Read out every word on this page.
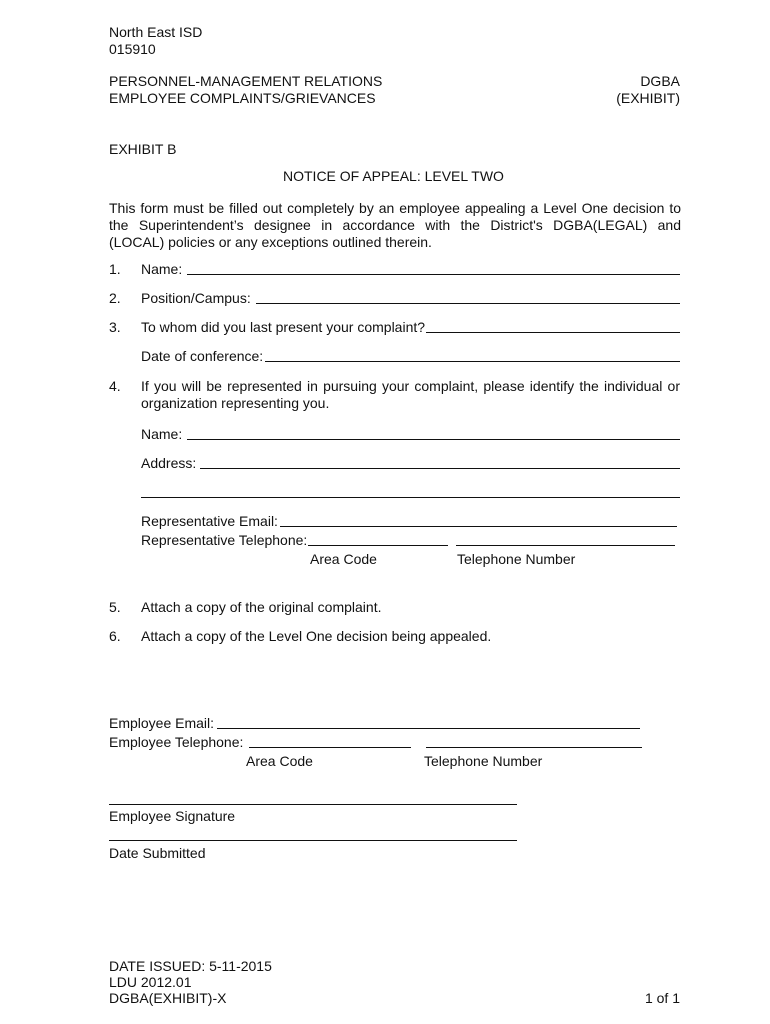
North East ISD
015910
PERSONNEL-MANAGEMENT RELATIONS
EMPLOYEE COMPLAINTS/GRIEVANCES
DGBA
(EXHIBIT)
EXHIBIT B
NOTICE OF APPEAL: LEVEL TWO
This form must be filled out completely by an employee appealing a Level One decision to the Superintendent’s designee in accordance with the District's DGBA(LEGAL) and (LOCAL) policies or any exceptions outlined therein.
1. Name:
2. Position/Campus:
3. To whom did you last present your complaint?
Date of conference:
4. If you will be represented in pursuing your complaint, please identify the individual or organization representing you.
Name:
Address:
Representative Email:
Representative Telephone:
Area Code	Telephone Number
5. Attach a copy of the original complaint.
6. Attach a copy of the Level One decision being appealed.
Employee Email:
Employee Telephone:
Area Code	Telephone Number
Employee Signature
Date Submitted
DATE ISSUED: 5-11-2015
LDU 2012.01
DGBA(EXHIBIT)-X	1 of 1
